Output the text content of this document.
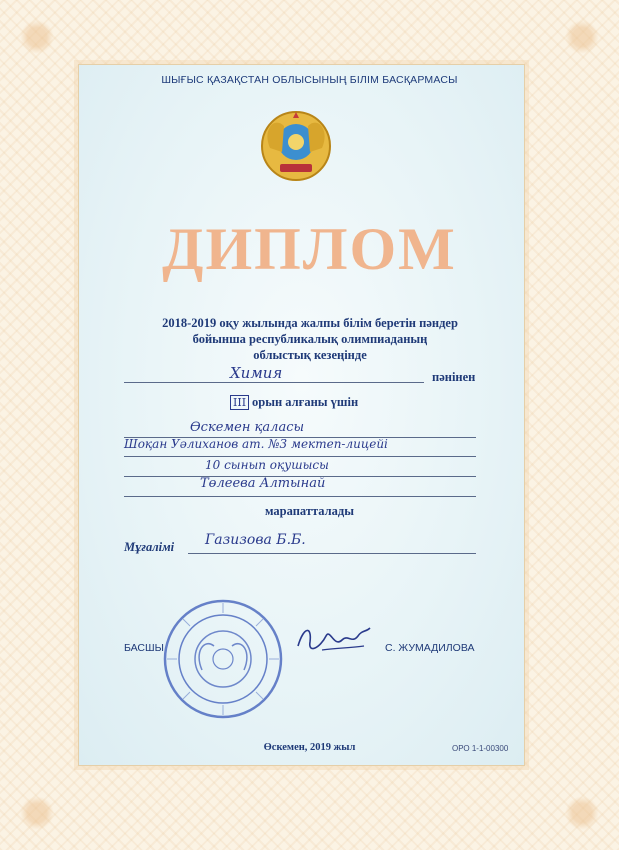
ШЫҒЫС ҚАЗАҚСТАН ОБЛЫСЫНЫҢ БІЛІМ БАСҚАРМАСЫ
ДИПЛОМ
2018-2019 оқу жылында жалпы білім беретін пәндер
бойынша республикалық олимпиаданың
облыстық кезеңінде
Химия	пәнінен
III орын алғаны үшін
Өскемен қаласы
Шоқан Уәлиханов ат. №3 мектеп-лицейі
10 сынып оқушысы
Төлеева Алтынай
марапатталады
Мұғалімі Газизова Б.Б.
БАСШЫ	С. ЖУМАДИЛОВА
Өскемен, 2019 жыл	ОРО 1-1-00300
